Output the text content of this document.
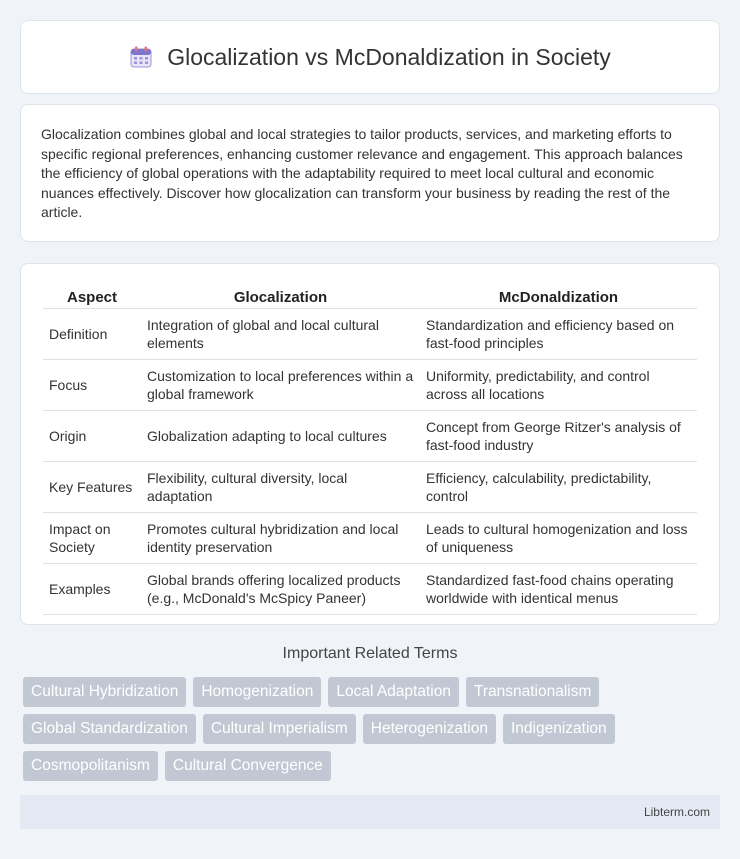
Glocalization vs McDonaldization in Society

Glocalization combines global and local strategies to tailor products, services, and marketing efforts to specific regional preferences, enhancing customer relevance and engagement. This approach balances the efficiency of global operations with the adaptability required to meet local cultural and economic nuances effectively. Discover how glocalization can transform your business by reading the rest of the article.

Aspect	Glocalization	McDonaldization
Definition	Integration of global and local cultural elements	Standardization and efficiency based on fast-food principles
Focus	Customization to local preferences within a global framework	Uniformity, predictability, and control across all locations
Origin	Globalization adapting to local cultures	Concept from George Ritzer's analysis of fast-food industry
Key Features	Flexibility, cultural diversity, local adaptation	Efficiency, calculability, predictability, control
Impact on Society	Promotes cultural hybridization and local identity preservation	Leads to cultural homogenization and loss of uniqueness
Examples	Global brands offering localized products (e.g., McDonald's McSpicy Paneer)	Standardized fast-food chains operating worldwide with identical menus
Important Related Terms
Cultural Hybridization	Homogenization	Local Adaptation	Transnationalism
Global Standardization	Cultural Imperialism	Heterogenization	Indigenization
Cosmopolitanism	Cultural Convergence
Libterm.com
